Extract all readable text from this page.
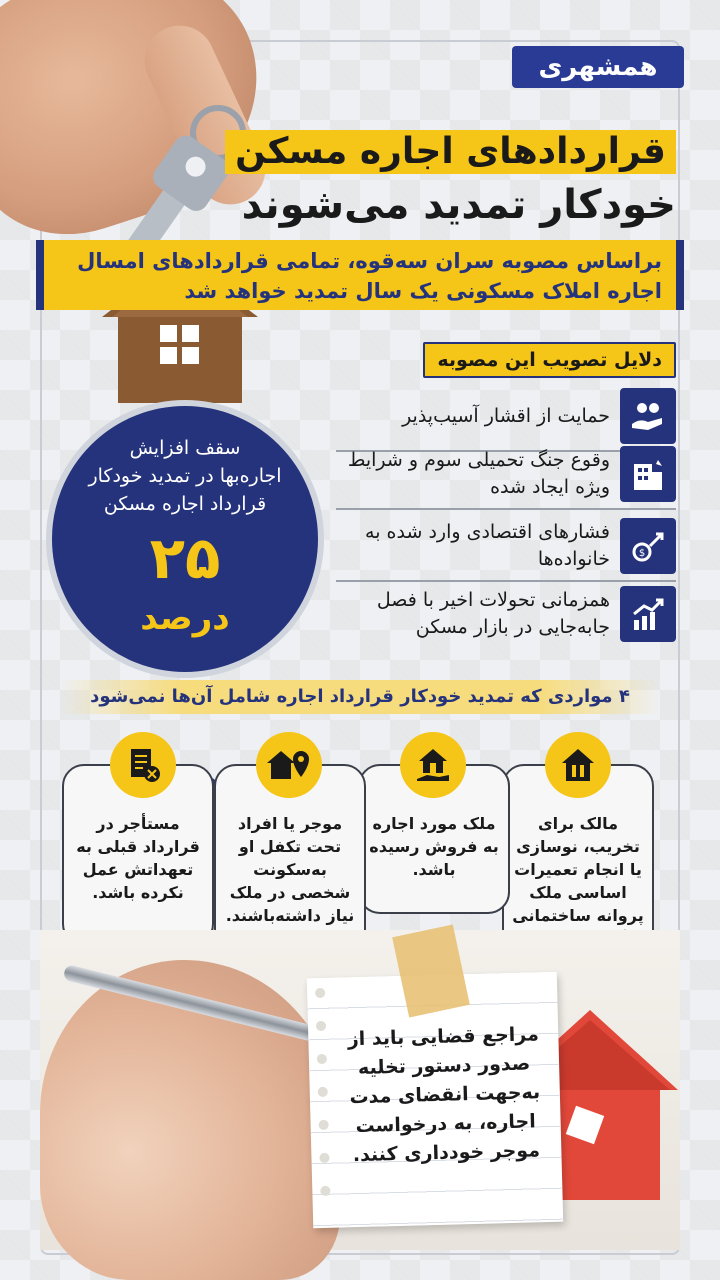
همشهری
قراردادهای اجاره مسکن
خودکار تمدید می‌شوند
براساس مصوبه سران سه‌قوه، تمامی قراردادهای امسال
اجاره املاک مسکونی یک سال تمدید خواهد شد
دلایل تصویب این مصوبه
حمایت از اقشار آسیب‌پذیر
وقوع جنگ تحمیلی سوم و شرایط ویژه ایجاد شده
$
فشارهای اقتصادی وارد شده به خانواده‌ها
همزمانی تحولات اخیر با فصل جابه‌جایی در بازار مسکن
سقف افزایش
اجاره‌بها در تمدید خودکار
قرارداد اجاره مسکن
۲۵
درصد
۴ مواردی که تمدید خودکار قرارداد اجاره شامل آن‌ها نمی‌شود
مالک برای تخریب، نوسازی یا انجام تعمیرات اساسی ملک پروانه ساختمانی
ملک مورد اجاره به فروش رسیده باشد.
موجر یا افراد تحت تکفل او به‌سکونت شخصی در ملک نیاز داشته‌باشند.
مستأجر در قرارداد قبلی به تعهداتش عمل نکرده باشد.
مراجع قضایی باید از صدور دستور تخلیه به‌جهت انقضای مدت اجاره، به درخواست موجر خودداری کنند.
